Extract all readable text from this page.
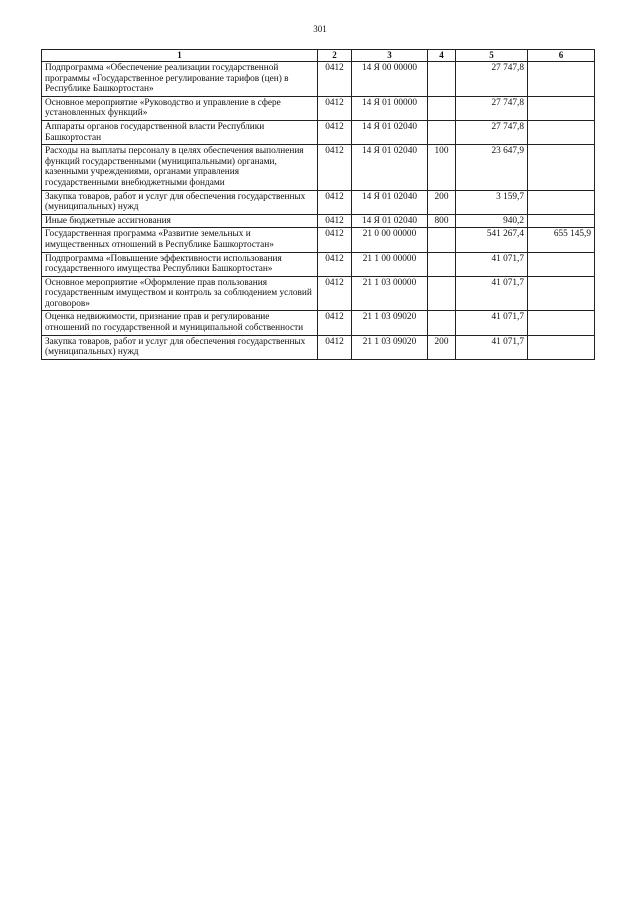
301
1	2	3	4	5	6
Подпрограмма «Обеспечение реализации государственной программы «Государственное регулирование тарифов (цен) в Республике Башкортостан»	0412	14 Я 00 00000		27 747,8	
Основное мероприятие «Руководство и управление в сфере установленных функций»	0412	14 Я 01 00000		27 747,8	
Аппараты органов государственной власти Республики Башкортостан	0412	14 Я 01 02040		27 747,8	
Расходы на выплаты персоналу в целях обеспечения выполнения функций государственными (муниципальными) органами, казенными учреждениями, органами управления государственными внебюджетными фондами	0412	14 Я 01 02040	100	23 647,9	
Закупка товаров, работ и услуг для обеспечения государственных (муниципальных) нужд	0412	14 Я 01 02040	200	3 159,7	
Иные бюджетные ассигнования	0412	14 Я 01 02040	800	940,2	
Государственная программа «Развитие земельных и имущественных отношений в Республике Башкортостан»	0412	21 0 00 00000		541 267,4	655 145,9
Подпрограмма «Повышение эффективности использования государственного имущества Республики Башкортостан»	0412	21 1 00 00000		41 071,7	
Основное мероприятие «Оформление прав пользования государственным имуществом и контроль за соблюдением условий договоров»	0412	21 1 03 00000		41 071,7	
Оценка недвижимости, признание прав и регулирование отношений по государственной и муниципальной собственности	0412	21 1 03 09020		41 071,7	
Закупка товаров, работ и услуг для обеспечения государственных (муниципальных) нужд	0412	21 1 03 09020	200	41 071,7	
